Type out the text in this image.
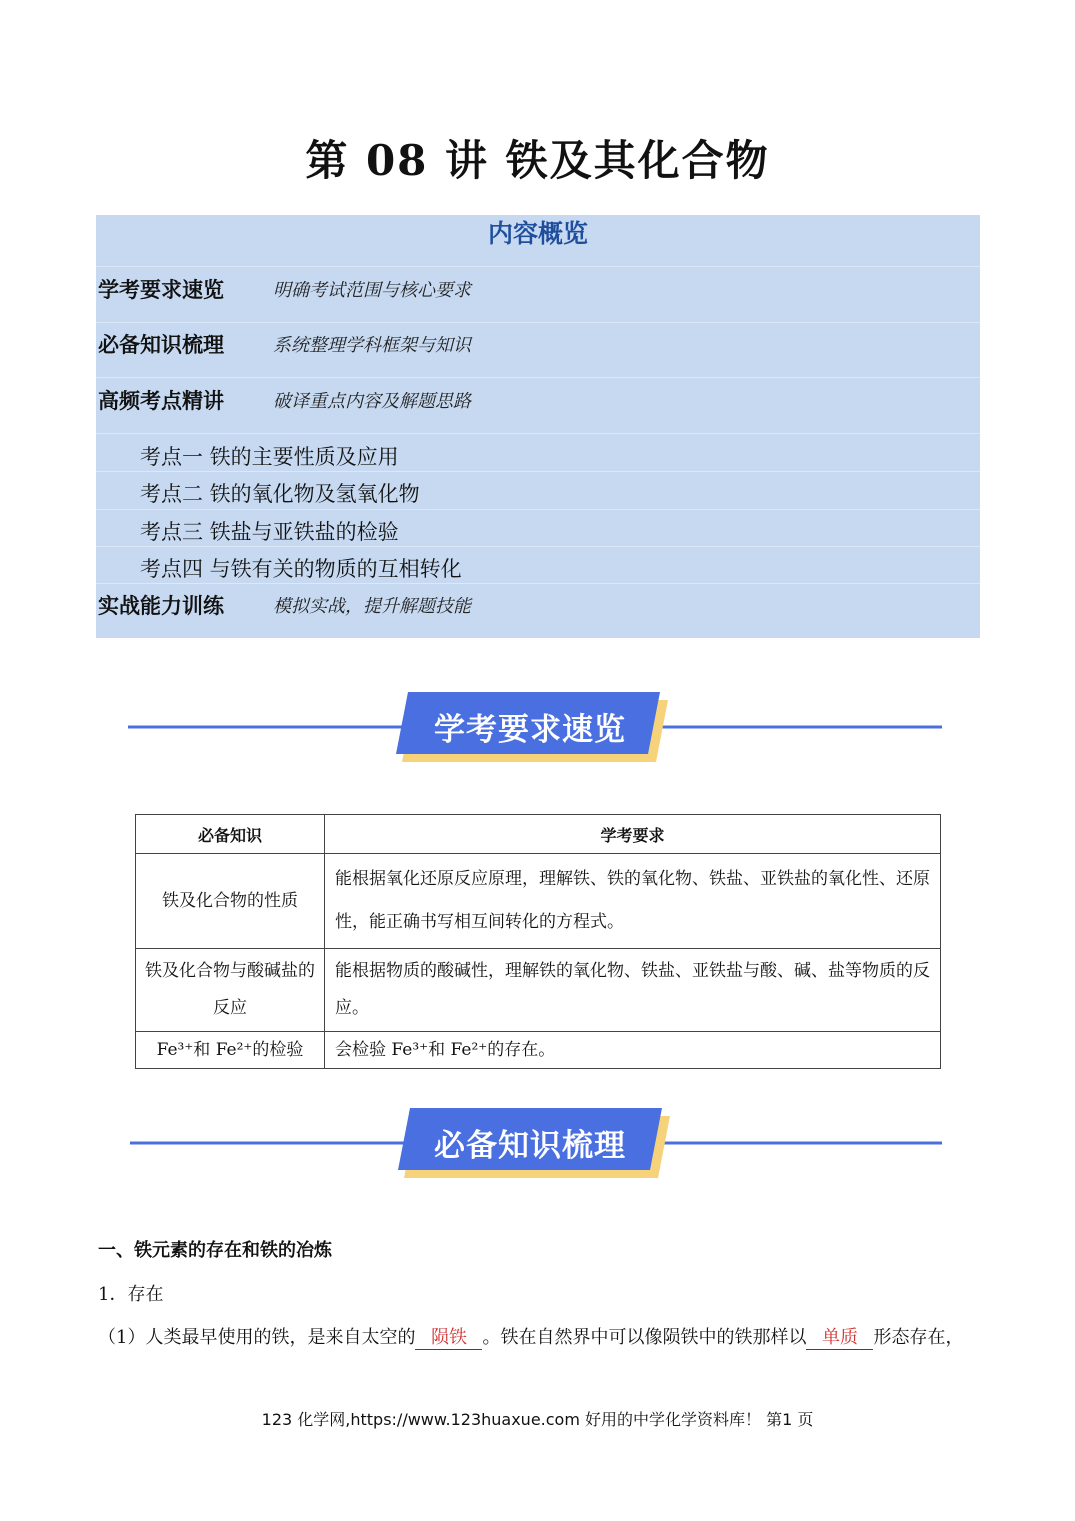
第 08 讲 铁及其化合物
内容概览
学考要求速览	明确考试范围与核心要求
必备知识梳理	系统整理学科框架与知识
高频考点精讲	破译重点内容及解题思路
考点一 铁的主要性质及应用
考点二 铁的氧化物及氢氧化物
考点三 铁盐与亚铁盐的检验
考点四 与铁有关的物质的互相转化
实战能力训练	模拟实战，提升解题技能
学考要求速览
必备知识	学考要求
铁及化合物的性质	能根据氧化还原反应原理，理解铁、铁的氧化物、铁盐、亚铁盐的氧化性、还原性，能正确书写相互间转化的方程式。
铁及化合物与酸碱盐的反应	能根据物质的酸碱性，理解铁的氧化物、铁盐、亚铁盐与酸、碱、盐等物质的反应。
Fe³⁺和 Fe²⁺的检验	会检验 Fe³⁺和 Fe²⁺的存在。
必备知识梳理
一、铁元素的存在和铁的冶炼
1．存在
（1）人类最早使用的铁，是来自太空的 陨铁 。铁在自然界中可以像陨铁中的铁那样以 单质 形态存在，
123 化学网,https://www.123huaxue.com 好用的中学化学资料库！ 第1 页
